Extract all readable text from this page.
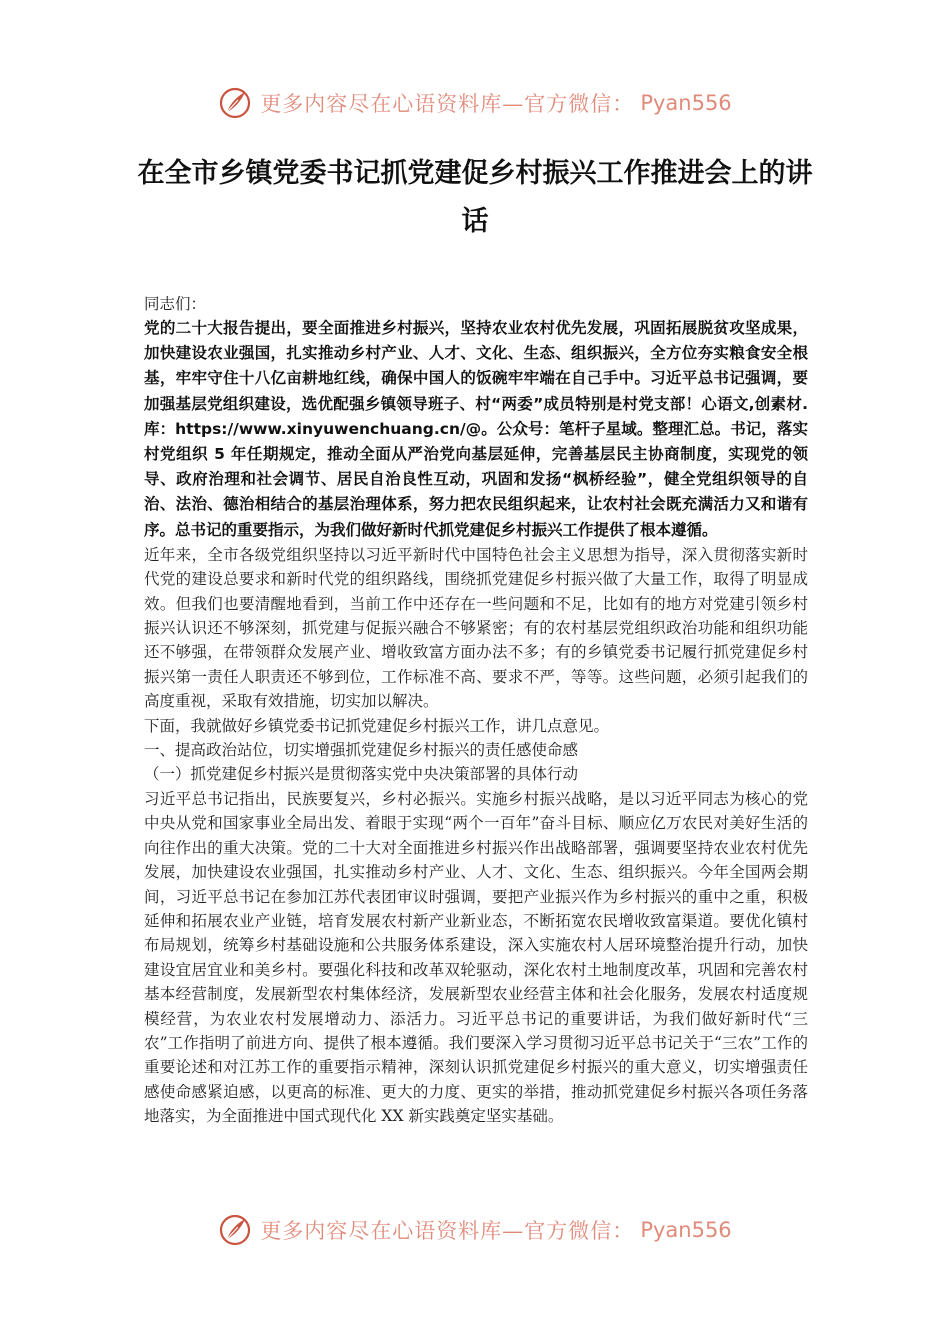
更多内容尽在心语资料库—官方微信： Pyan556
在全市乡镇党委书记抓党建促乡村振兴工作推进会上的讲话

同志们：

党的二十大报告提出，要全面推进乡村振兴，坚持农业农村优先发展，巩固拓展脱贫攻坚成果，加快建设农业强国，扎实推动乡村产业、人才、文化、生态、组织振兴，全方位夯实粮食安全根基，牢牢守住十八亿亩耕地红线，确保中国人的饭碗牢牢端在自己手中。习近平总书记强调，要加强基层党组织建设，选优配强乡镇领导班子、村“两委”成员特别是村党支部！心语文,创素材.库：https://www.xinyuwenchuang.cn/@。公众号：笔杆子星域。整理汇总。书记，落实村党组织 5 年任期规定，推动全面从严治党向基层延伸，完善基层民主协商制度，实现党的领导、政府治理和社会调节、居民自治良性互动，巩固和发扬“枫桥经验”，健全党组织领导的自治、法治、德治相结合的基层治理体系，努力把农民组织起来，让农村社会既充满活力又和谐有序。总书记的重要指示，为我们做好新时代抓党建促乡村振兴工作提供了根本遵循。

近年来，全市各级党组织坚持以习近平新时代中国特色社会主义思想为指导，深入贯彻落实新时代党的建设总要求和新时代党的组织路线，围绕抓党建促乡村振兴做了大量工作，取得了明显成效。但我们也要清醒地看到，当前工作中还存在一些问题和不足，比如有的地方对党建引领乡村振兴认识还不够深刻，抓党建与促振兴融合不够紧密；有的农村基层党组织政治功能和组织功能还不够强，在带领群众发展产业、增收致富方面办法不多；有的乡镇党委书记履行抓党建促乡村振兴第一责任人职责还不够到位，工作标准不高、要求不严，等等。这些问题，必须引起我们的高度重视，采取有效措施，切实加以解决。

下面，我就做好乡镇党委书记抓党建促乡村振兴工作，讲几点意见。

一、提高政治站位，切实增强抓党建促乡村振兴的责任感使命感

（一）抓党建促乡村振兴是贯彻落实党中央决策部署的具体行动

习近平总书记指出，民族要复兴，乡村必振兴。实施乡村振兴战略，是以习近平同志为核心的党中央从党和国家事业全局出发、着眼于实现“两个一百年”奋斗目标、顺应亿万农民对美好生活的向往作出的重大决策。党的二十大对全面推进乡村振兴作出战略部署，强调要坚持农业农村优先发展，加快建设农业强国，扎实推动乡村产业、人才、文化、生态、组织振兴。今年全国两会期间，习近平总书记在参加江苏代表团审议时强调，要把产业振兴作为乡村振兴的重中之重，积极延伸和拓展农业产业链，培育发展农村新产业新业态，不断拓宽农民增收致富渠道。要优化镇村布局规划，统筹乡村基础设施和公共服务体系建设，深入实施农村人居环境整治提升行动，加快建设宜居宜业和美乡村。要强化科技和改革双轮驱动，深化农村土地制度改革，巩固和完善农村基本经营制度，发展新型农村集体经济，发展新型农业经营主体和社会化服务，发展农村适度规模经营，为农业农村发展增动力、添活力。习近平总书记的重要讲话，为我们做好新时代“三农”工作指明了前进方向、提供了根本遵循。我们要深入学习贯彻习近平总书记关于“三农”工作的重要论述和对江苏工作的重要指示精神，深刻认识抓党建促乡村振兴的重大意义，切实增强责任感使命感紧迫感，以更高的标准、更大的力度、更实的举措，推动抓党建促乡村振兴各项任务落地落实，为全面推进中国式现代化 XX 新实践奠定坚实基础。

更多内容尽在心语资料库—官方微信： Pyan556
